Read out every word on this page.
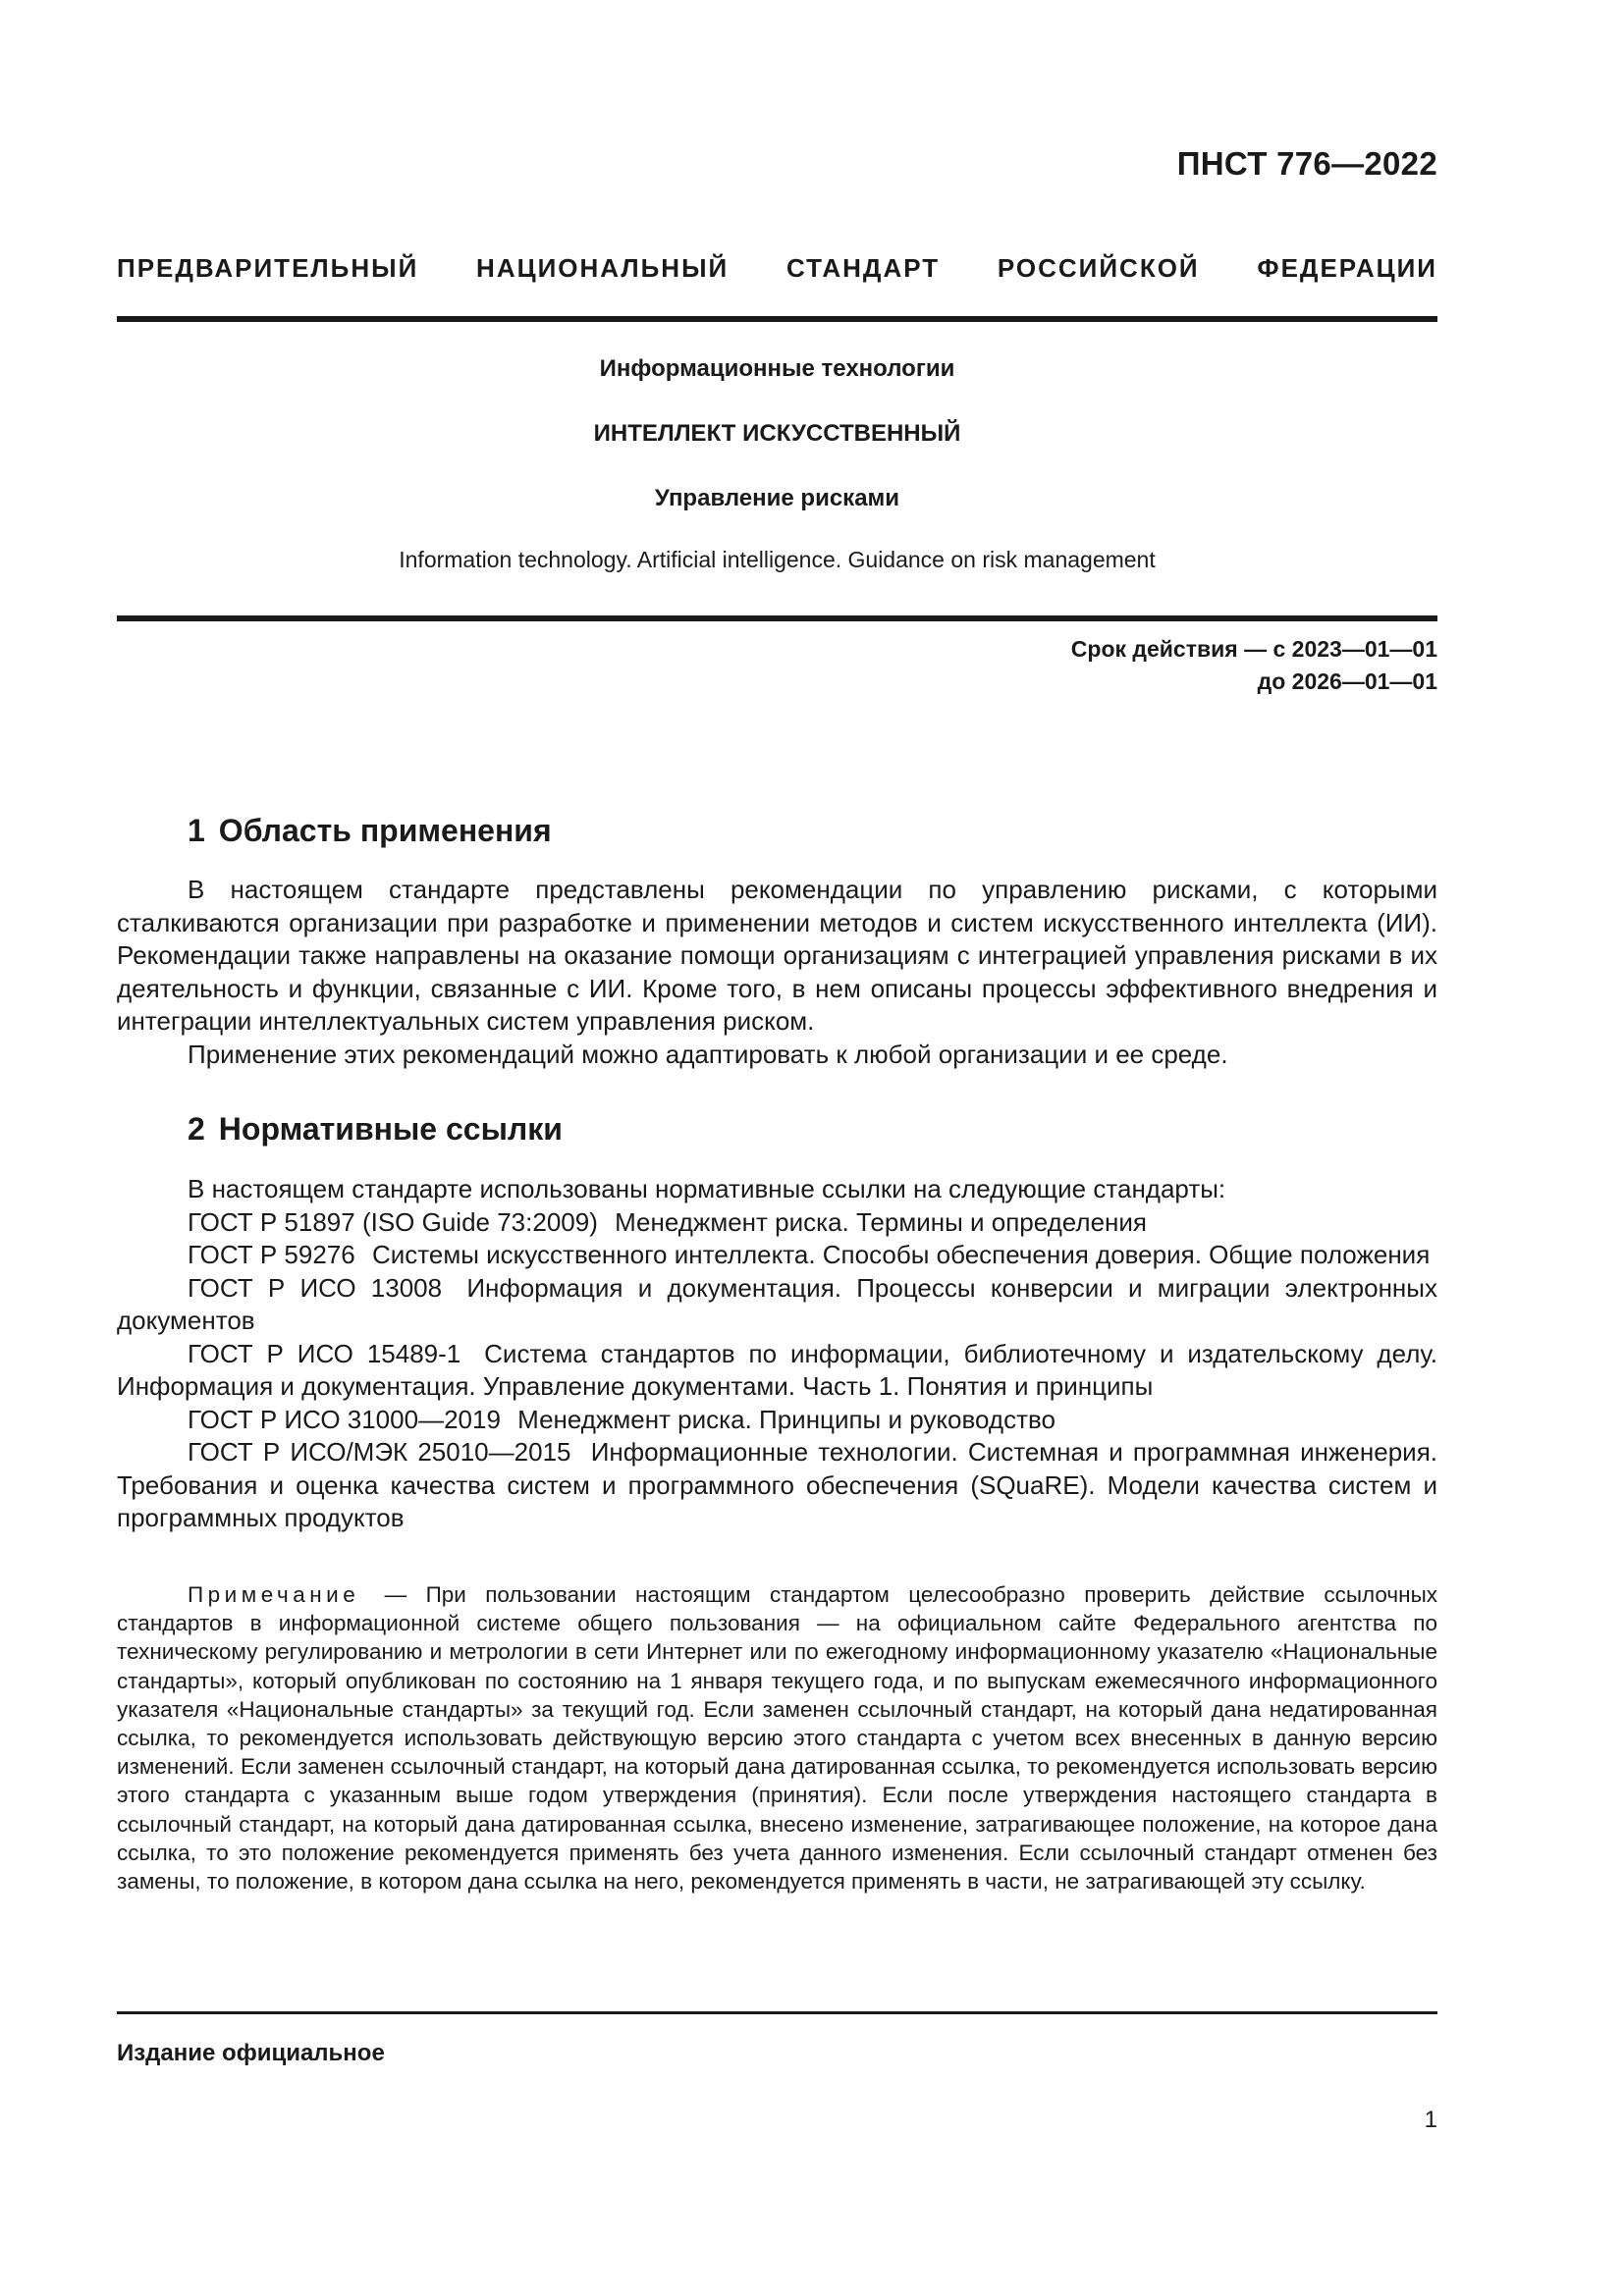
ПНСТ 776—2022
ПРЕДВАРИТЕЛЬНЫЙ НАЦИОНАЛЬНЫЙ СТАНДАРТ РОССИЙСКОЙ ФЕДЕРАЦИИ
Информационные технологии
ИНТЕЛЛЕКТ ИСКУССТВЕННЫЙ
Управление рисками
Information technology. Artificial intelligence. Guidance on risk management
Срок действия — с 2023—01—01
до 2026—01—01
1 Область применения

В настоящем стандарте представлены рекомендации по управлению рисками, с которыми сталкиваются организации при разработке и применении методов и систем искусственного интеллекта (ИИ). Рекомендации также направлены на оказание помощи организациям с интеграцией управления рисками в их деятельность и функции, связанные с ИИ. Кроме того, в нем описаны процессы эффективного внедрения и интеграции интеллектуальных систем управления риском.

Применение этих рекомендаций можно адаптировать к любой организации и ее среде.

2 Нормативные ссылки

В настоящем стандарте использованы нормативные ссылки на следующие стандарты:

ГОСТ Р 51897 (ISO Guide 73:2009) Менеджмент риска. Термины и определения

ГОСТ Р 59276 Системы искусственного интеллекта. Способы обеспечения доверия. Общие положения

ГОСТ Р ИСО 13008 Информация и документация. Процессы конверсии и миграции электронных документов

ГОСТ Р ИСО 15489-1 Система стандартов по информации, библиотечному и издательскому делу. Информация и документация. Управление документами. Часть 1. Понятия и принципы

ГОСТ Р ИСО 31000—2019 Менеджмент риска. Принципы и руководство

ГОСТ Р ИСО/МЭК 25010—2015 Информационные технологии. Системная и программная инженерия. Требования и оценка качества систем и программного обеспечения (SQuaRE). Модели качества систем и программных продуктов

Примечание — При пользовании настоящим стандартом целесообразно проверить действие ссылочных стандартов в информационной системе общего пользования — на официальном сайте Федерального агентства по техническому регулированию и метрологии в сети Интернет или по ежегодному информационному указателю «Национальные стандарты», который опубликован по состоянию на 1 января текущего года, и по выпускам ежемесячного информационного указателя «Национальные стандарты» за текущий год. Если заменен ссылочный стандарт, на который дана недатированная ссылка, то рекомендуется использовать действующую версию этого стандарта с учетом всех внесенных в данную версию изменений. Если заменен ссылочный стандарт, на который дана датированная ссылка, то рекомендуется использовать версию этого стандарта с указанным выше годом утверждения (принятия). Если после утверждения настоящего стандарта в ссылочный стандарт, на который дана датированная ссылка, внесено изменение, затрагивающее положение, на которое дана ссылка, то это положение рекомендуется применять без учета данного изменения. Если ссылочный стандарт отменен без замены, то положение, в котором дана ссылка на него, рекомендуется применять в части, не затрагивающей эту ссылку.

Издание официальное
1
